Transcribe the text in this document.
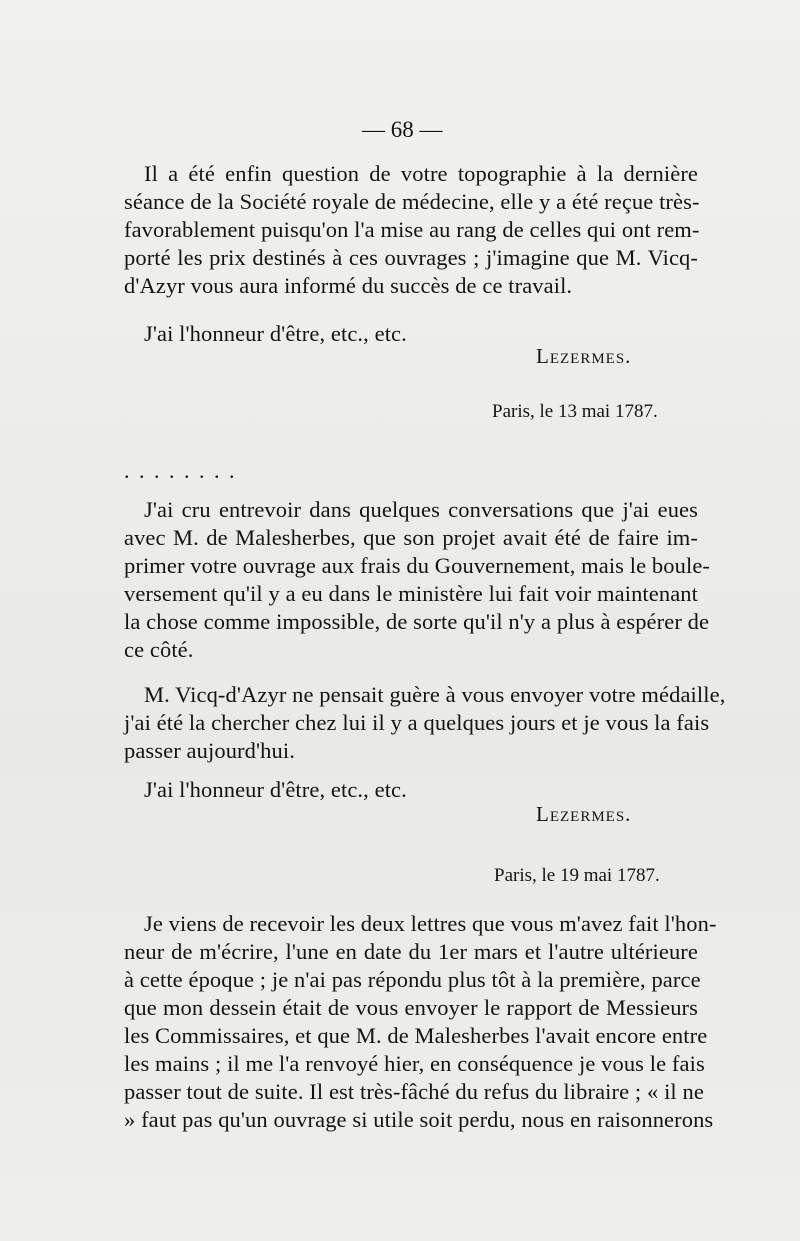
— 68 —
Il a été enfin question de votre topographie à la dernière
séance de la Société royale de médecine, elle y a été reçue très-
favorablement puisqu'on l'a mise au rang de celles qui ont rem-
porté les prix destinés à ces ouvrages ; j'imagine que M. Vicq-
d'Azyr vous aura informé du succès de ce travail.
J'ai l'honneur d'être, etc., etc.
Lezermes.
Paris, le 13 mai 1787.
. . . . . . . .
J'ai cru entrevoir dans quelques conversations que j'ai eues
avec M. de Malesherbes, que son projet avait été de faire im-
primer votre ouvrage aux frais du Gouvernement, mais le boule-
versement qu'il y a eu dans le ministère lui fait voir maintenant
la chose comme impossible, de sorte qu'il n'y a plus à espérer de
ce côté.
M. Vicq-d'Azyr ne pensait guère à vous envoyer votre médaille,
j'ai été la chercher chez lui il y a quelques jours et je vous la fais
passer aujourd'hui.
J'ai l'honneur d'être, etc., etc.
Lezermes.
Paris, le 19 mai 1787.
Je viens de recevoir les deux lettres que vous m'avez fait l'hon-
neur de m'écrire, l'une en date du 1er mars et l'autre ultérieure
à cette époque ; je n'ai pas répondu plus tôt à la première, parce
que mon dessein était de vous envoyer le rapport de Messieurs
les Commissaires, et que M. de Malesherbes l'avait encore entre
les mains ; il me l'a renvoyé hier, en conséquence je vous le fais
passer tout de suite. Il est très-fâché du refus du libraire ; « il ne
» faut pas qu'un ouvrage si utile soit perdu, nous en raisonnerons
